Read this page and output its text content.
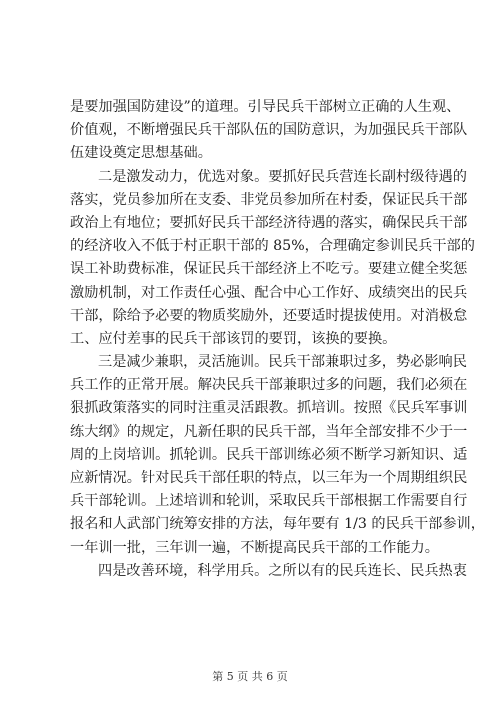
是要加强国防建设”的道理。引导民兵干部树立正确的人生观、
价值观，不断增强民兵干部队伍的国防意识，为加强民兵干部队
伍建设奠定思想基础。
二是激发动力，优选对象。要抓好民兵营连长副村级待遇的
落实，党员参加所在支委、非党员参加所在村委，保证民兵干部
政治上有地位；要抓好民兵干部经济待遇的落实，确保民兵干部
的经济收入不低于村正职干部的 85%，合理确定参训民兵干部的
误工补助费标准，保证民兵干部经济上不吃亏。要建立健全奖惩
激励机制，对工作责任心强、配合中心工作好、成绩突出的民兵
干部，除给予必要的物质奖励外，还要适时提拔使用。对消极怠
工、应付差事的民兵干部该罚的要罚，该换的要换。
三是减少兼职，灵活施训。民兵干部兼职过多，势必影响民
兵工作的正常开展。解决民兵干部兼职过多的问题，我们必须在
狠抓政策落实的同时注重灵活跟教。抓培训。按照《民兵军事训
练大纲》的规定，凡新任职的民兵干部，当年全部安排不少于一
周的上岗培训。抓轮训。民兵干部训练必须不断学习新知识、适
应新情况。针对民兵干部任职的特点，以三年为一个周期组织民
兵干部轮训。上述培训和轮训，采取民兵干部根据工作需要自行
报名和人武部门统筹安排的方法，每年要有 1/3 的民兵干部参训，
一年训一批，三年训一遍，不断提高民兵干部的工作能力。
四是改善环境，科学用兵。之所以有的民兵连长、民兵热衷
第 5 页 共 6 页
